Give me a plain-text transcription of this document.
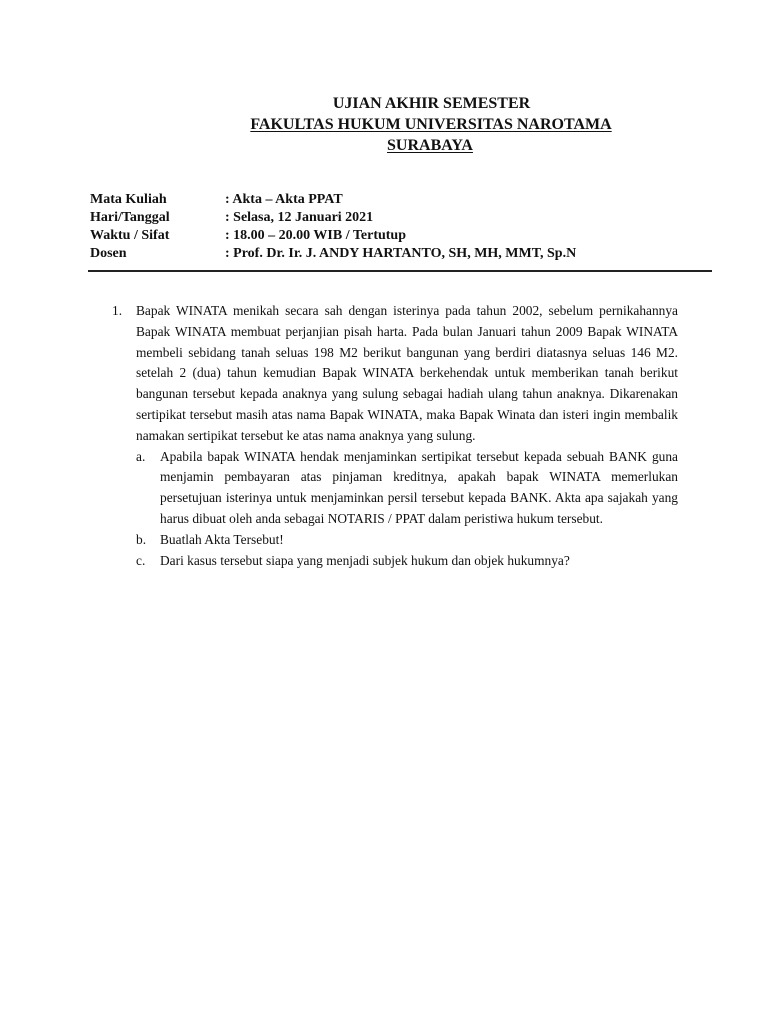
UJIAN AKHIR SEMESTER
FAKULTAS HUKUM UNIVERSITAS NAROTAMA
SURABAYA
Mata Kuliah	: Akta – Akta PPAT
Hari/Tanggal	: Selasa, 12 Januari 2021
Waktu / Sifat	: 18.00 – 20.00 WIB / Tertutup
Dosen	: Prof. Dr. Ir. J. ANDY HARTANTO, SH, MH, MMT, Sp.N
1. Bapak WINATA menikah secara sah dengan isterinya pada tahun 2002, sebelum pernikahannya Bapak WINATA membuat perjanjian pisah harta. Pada bulan Januari tahun 2009 Bapak WINATA membeli sebidang tanah seluas 198 M2 berikut bangunan yang berdiri diatasnya seluas 146 M2. setelah 2 (dua) tahun kemudian Bapak WINATA berkehendak untuk memberikan tanah berikut bangunan tersebut kepada anaknya yang sulung sebagai hadiah ulang tahun anaknya. Dikarenakan sertipikat tersebut masih atas nama Bapak WINATA, maka Bapak Winata dan isteri ingin membalik namakan sertipikat tersebut ke atas nama anaknya yang sulung.
a. Apabila bapak WINATA hendak menjaminkan sertipikat tersebut kepada sebuah BANK guna menjamin pembayaran atas pinjaman kreditnya, apakah bapak WINATA memerlukan persetujuan isterinya untuk menjaminkan persil tersebut kepada BANK. Akta apa sajakah yang harus dibuat oleh anda sebagai NOTARIS / PPAT dalam peristiwa hukum tersebut.
b. Buatlah Akta Tersebut!
c. Dari kasus tersebut siapa yang menjadi subjek hukum dan objek hukumnya?
